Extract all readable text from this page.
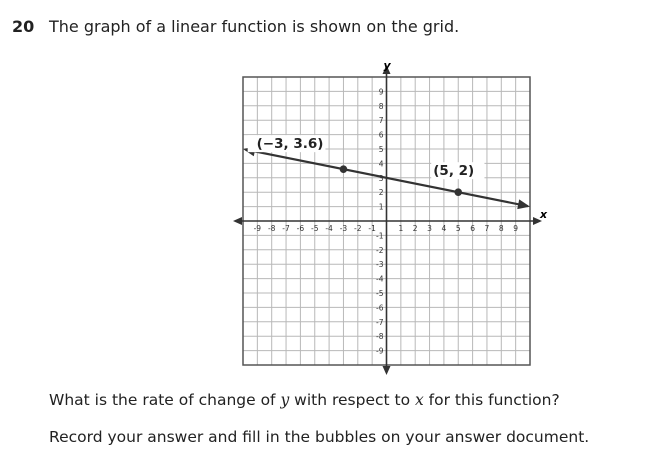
20 The graph of a linear function is shown on the grid.
-9 -8 -7 -6 -5 -4 -3 -2 -1	1 2 3 4 5 6 7 8 9
9
8
7
6
5
4
3
2
1
-1
-2
-3
-4
-5
-6
-7
-8
-9
(−3, 3.6)
(5, 2)
x
y
What is the rate of change of y with respect to x for this function?
Record your answer and fill in the bubbles on your answer document.
